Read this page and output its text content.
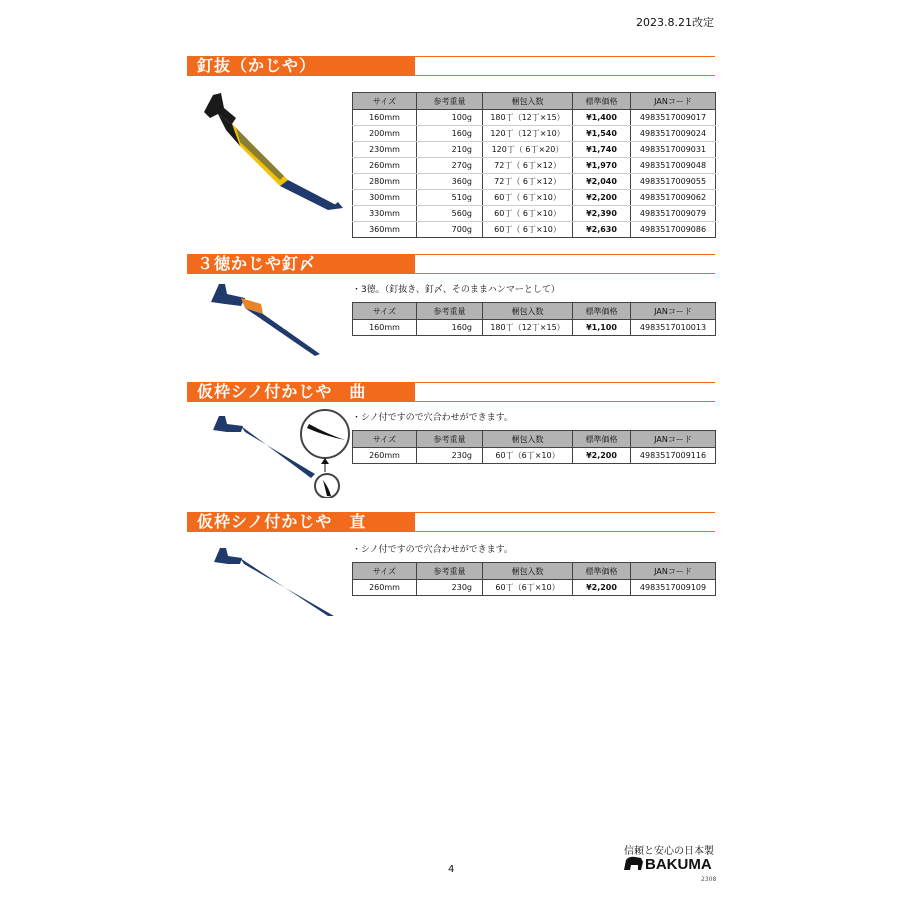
2023.8.21改定
釘抜（かじや）
サイズ	参考重量	梱包入数	標準価格	JANコード
160mm	100g	180丁（12丁×15）	¥1,400	4983517009017
200mm	160g	120丁（12丁×10）	¥1,540	4983517009024
230mm	210g	120丁（ 6丁×20）	¥1,740	4983517009031
260mm	270g	72丁（ 6丁×12）	¥1,970	4983517009048
280mm	360g	72丁（ 6丁×12）	¥2,040	4983517009055
300mm	510g	60丁（ 6丁×10）	¥2,200	4983517009062
330mm	560g	60丁（ 6丁×10）	¥2,390	4983517009079
360mm	700g	60丁（ 6丁×10）	¥2,630	4983517009086
３徳かじや釘〆
・3徳。（釘抜き、釘〆、そのままハンマーとして）
サイズ	参考重量	梱包入数	標準価格	JANコード
160mm	160g	180丁（12丁×15）	¥1,100	4983517010013
仮枠シノ付かじや　曲
・シノ付ですので穴合わせができます。
サイズ	参考重量	梱包入数	標準価格	JANコード
260mm	230g	60丁（6丁×10）	¥2,200	4983517009116
仮枠シノ付かじや　直
・シノ付ですので穴合わせができます。
サイズ	参考重量	梱包入数	標準価格	JANコード
260mm	230g	60丁（6丁×10）	¥2,200	4983517009109
4
信頼と安心の日本製
BAKUMA
2308
